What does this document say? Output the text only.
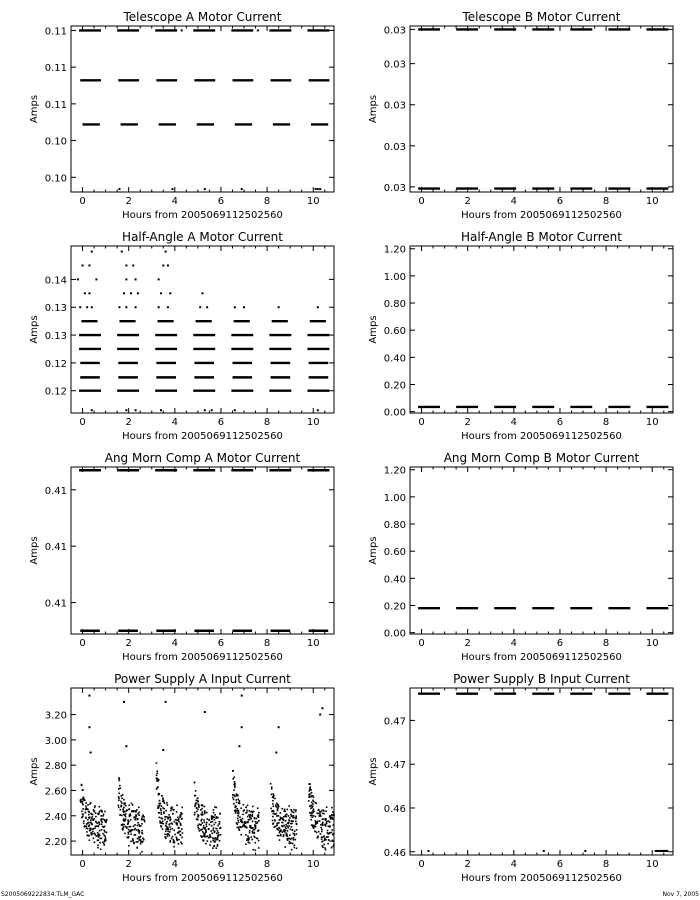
Telescope A Motor Current
Hours from 2005069112502560
Amps
0	2	4	6	8	10
0.10
0.10
0.11
0.11
0.11
Telescope B Motor Current
Hours from 2005069112502560
Amps
0	2	4	6	8	10
0.03
0.03
0.03
0.03
0.03
Half-Angle A Motor Current
Hours from 2005069112502560
Amps
0	2	4	6	8	10
0.12
0.12
0.13
0.13
0.14
Half-Angle B Motor Current
Hours from 2005069112502560
Amps
0	2	4	6	8	10
0.00
0.20
0.40
0.60
0.80
1.00
1.20
Ang Morn Comp A Motor Current
Hours from 2005069112502560
Amps
0	2	4	6	8	10
0.41
0.41
0.41
Ang Morn Comp B Motor Current
Hours from 2005069112502560
Amps
0	2	4	6	8	10
0.00
0.20
0.40
0.60
0.80
1.00
1.20
Power Supply A Input Current
Hours from 2005069112502560
Amps
0	2	4	6	8	10
2.20
2.40
2.60
2.80
3.00
3.20
Power Supply B Input Current
Hours from 2005069112502560
Amps
0	2	4	6	8	10
0.46
0.46
0.47
0.47
S2005069222834.TLM_GAC	Nov 7, 2005
